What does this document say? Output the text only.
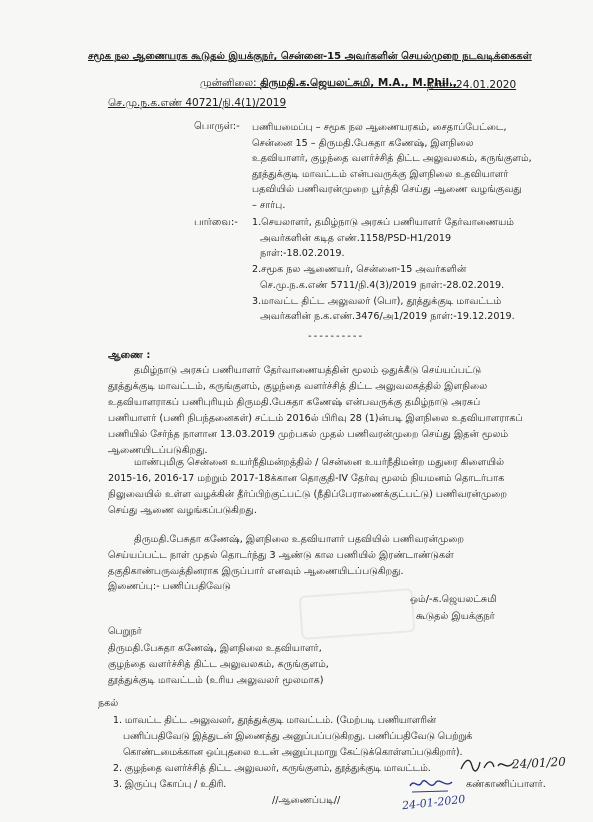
சமூக நல ஆணையரக கூடுதல் இயக்குநர், சென்னை-15 அவர்களின் செயல்முறை நடவடிக்கைகள்
முன்னிலை: திருமதி.க.ஜெயலட்சுமி, M.A., M.Phil.,
நாள்:-24.01.2020
செ.மு.ந.க.எண் 40721/நி.4(1)/2019
பொருள்:- பணியமைப்பு – சமூக நல ஆணையரகம், சைதாப்பேட்டை,
சென்னை 15 – திருமதி.பேசுதா கணேஷ், இளநிலை
உதவியாளர், குழந்தை வளர்ச்சித் திட்ட அலுவலகம், கருங்குளம்,
தூத்துக்குடி மாவட்டம் என்பவருக்கு இளநிலை உதவியாளர்
பதவியில் பணிவரன்முறை பூர்த்தி செய்து ஆணை வழங்குவது
– சார்பு.
பார்வை:- 1.செயலாளர், தமிழ்நாடு அரசுப் பணியாளர் தேர்வாணையம்
அவர்களின் கடித எண்.1158/PSD-H1/2019
நாள்:-18.02.2019.
2.சமூக நல ஆணையர், சென்னை-15 அவர்களின்
செ.மு.ந.க.எண் 5711/நி.4(3)/2019 நாள்:-28.02.2019.
3.மாவட்ட திட்ட அலுவலர் (பொ), தூத்துக்குடி மாவட்டம்
அவர்களின் ந.க.எண்.3476/அ1/2019 நாள்:-19.12.2019.
----------
ஆணை :
தமிழ்நாடு அரசுப் பணியாளர் தேர்வாணையத்தின் மூலம் ஒதுக்கீடு செய்யப்பட்டு
தூத்துக்குடி மாவட்டம், கருங்குளம், குழந்தை வளர்ச்சித் திட்ட அலுவலகத்தில் இளநிலை
உதவியாளராகப் பணிபுரியும் திருமதி.பேசுதா கணேஷ் என்பவருக்கு தமிழ்நாடு அரசுப்
பணியாளர் (பணி நிபந்தனைகள்) சட்டம் 2016ல் பிரிவு 28 (1)ன்படி இளநிலை உதவியாளராகப்
பணியில் சேர்ந்த நாளான 13.03.2019 முற்பகல் முதல் பணிவரன்முறை செய்து இதன் மூலம்
ஆணையிடப்படுகிறது.
மாண்புமிகு சென்னை உயர்நீதிமன்றத்தில் / சென்னை உயர்நீதிமன்ற மதுரை கிளையில்
2015-16, 2016-17 மற்றும் 2017-18க்கான தொகுதி-IV தேர்வு மூலம் நியமனம் தொடர்பாக
நிலுவையில் உள்ள வழக்கின் தீர்ப்பிற்குட்பட்டு (நீதிப்பேராணைக்குட்பட்டு) பணிவரன்முறை
செய்து ஆணை வழங்கப்படுகிறது.
திருமதி.பேசுதா கணேஷ், இளநிலை உதவியாளர் பதவியில் பணிவரன்முறை
செய்யப்பட்ட நாள் முதல் தொடர்ந்து 3 ஆண்டு கால பணியில் இரண்டாண்டுகள்
தகுதிகாண்பருவத்தினராக இருப்பார் எனவும் ஆணையிடப்படுகிறது.
இணைப்பு:- பணிப்பதிவேடு
ஒம்/-க.ஜெயலட்சுமி
கூடுதல் இயக்குநர்
பெறுநர்
திருமதி.பேசுதா கணேஷ், இளநிலை உதவியாளர்,
குழந்தை வளர்ச்சித் திட்ட அலுவலகம், கருங்குளம்,
தூத்துக்குடி மாவட்டம் (உரிய அலுவலர் மூலமாக)
நகல்
1. மாவட்ட திட்ட அலுவலர், தூத்துக்குடி மாவட்டம். (மேற்படி பணியாளரின்
பணிப்பதிவேடு இத்துடன் இணைத்து அனுப்பப்படுகிறது. பணிப்பதிவேடு பெற்றுக்
கொண்டமைக்கான ஒப்புதலை உடன் அனுப்புமாறு கேட்டுக்கொள்ளப்படுகிறார்).
2. குழந்தை வளர்ச்சித் திட்ட அலுவலர், கருங்குளம், தூத்துக்குடி மாவட்டம்.
3. இருப்பு கோப்பு / உதிரி.
//ஆணைப்படி//
கண்காணிப்பாளர்.
24/01/20
24-01-2020
